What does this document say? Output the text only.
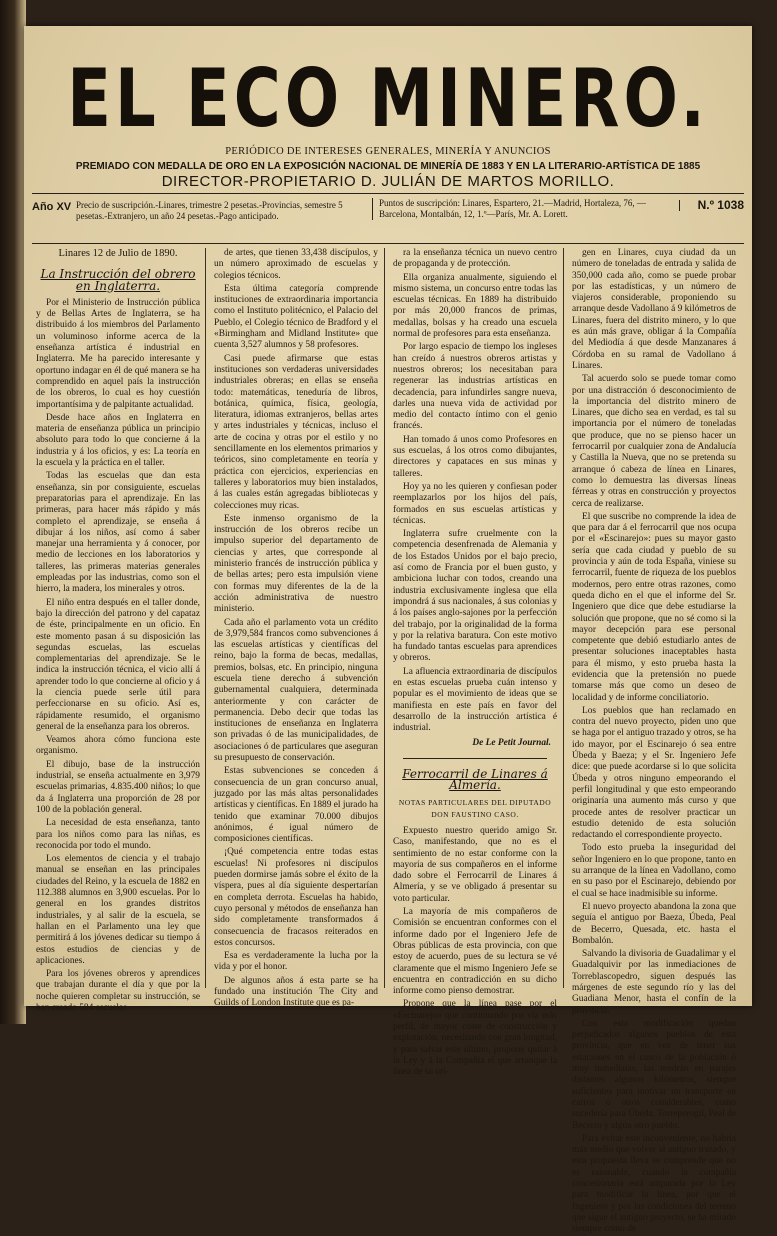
EL ECO MINERO.
PERIÓDICO DE INTERESES GENERALES, MINERÍA Y ANUNCIOS
PREMIADO CON MEDALLA DE ORO EN LA EXPOSICIÓN NACIONAL DE MINERÍA DE 1883 Y EN LA LITERARIO-ARTÍSTICA DE 1885
DIRECTOR-PROPIETARIO D. JULIÁN DE MARTOS MORILLO.
Año XV Precio de suscripción.-Linares, trimestre 2 pesetas.-Provincias, semestre 5 pesetas.-Extranjero, un año 24 pesetas.-Pago anticipado.
Puntos de suscripción: Linares, Espartero, 21.—Madrid, Hortaleza, 76, —Barcelona, Montalbán, 12, 1.º—París, Mr. A. Lorett.
N.º 1038

Linares 12 de Julio de 1890.

La Instrucción del obrero en Inglaterra.

Por el Ministerio de Instrucción pública y de Bellas Artes de Inglaterra, se ha distribuido á los miembros del Parlamento un voluminoso informe acerca de la enseñanza artística é industrial en Inglaterra. Me ha parecido interesante y oportuno indagar en él de qué manera se ha comprendido en aquel país la instrucción de los obreros, lo cual es hoy cuestión importantísima y de palpitante actualidad.

Desde hace años en Inglaterra en materia de enseñanza pública un principio absoluto para todo lo que concierne á la industria y á los oficios, y es: La teoría en la escuela y la práctica en el taller.

Todas las escuelas que dan esta enseñanza, sin por consiguiente, escuelas preparatorias para el aprendizaje. En las primeras, para hacer más rápido y más completo el aprendizaje, se enseña á dibujar á los niños, así como á saber manejar una herramienta y á conocer, por medio de lecciones en los laboratorios y talleres, las primeras materias generales empleadas por las industrias, como son el hierro, la madera, los minerales y otros.

El niño entra después en el taller donde, bajo la dirección del patrono y del capataz de éste, principalmente en un oficio. En este momento pasan á su disposición las segundas escuelas, las escuelas complementarias del aprendizaje. Se le indica la instrucción técnica, el vicio allí á aprender todo lo que concierne al oficio y á la ciencia puede serle útil para perfeccionarse en su oficio. Así es, rápidamente resumido, el organismo general de la enseñanza para los obreros.

Veamos ahora cómo funciona este organismo.

El dibujo, base de la instrucción industrial, se enseña actualmente en 3,979 escuelas primarias, 4.835.400 niños; lo que da á Inglaterra una proporción de 28 por 100 de la población general.

La necesidad de esta enseñanza, tanto para los niños como para las niñas, es reconocida por todo el mundo.

Los elementos de ciencia y el trabajo manual se enseñan en las principales ciudades del Reino, y la escuela de 1882 en 112.388 alumnos en 3,900 escuelas. Por lo general en los grandes distritos industriales, y al salir de la escuela, se hallan en el Parlamento una ley que permitirá á los jóvenes dedicar su tiempo á estos estudios de ciencias y de aplicaciones.

Para los jóvenes obreros y aprendices que trabajan durante el día y que por la noche quieren completar su instrucción, se han creado 584 escuelas

de artes, que tienen 33,438 discípulos, y un número aproximado de escuelas y colegios técnicos.

Esta última categoría comprende instituciones de extraordinaria importancia como el Instituto politécnico, el Palacio del Pueblo, el Colegio técnico de Bradford y el «Birmingham and Midland Institute» que cuenta 3,527 alumnos y 58 profesores.

Casi puede afirmarse que estas instituciones son verdaderas universidades industriales obreras; en ellas se enseña todo: matemáticas, teneduría de libros, botánica, química, física, geología, literatura, idiomas extranjeros, bellas artes y artes industriales y técnicas, incluso el arte de cocina y otras por el estilo y no sencillamente en los elementos primarios y teóricos, sino completamente en teoría y práctica con ejercicios, experiencias en talleres y laboratorios muy bien instalados, á las cuales están agregadas bibliotecas y colecciones muy ricas.

Este inmenso organismo de la instrucción de los obreros recibe un impulso superior del departamento de ciencias y artes, que corresponde al ministerio francés de instrucción pública y de bellas artes; pero esta impulsión viene con formas muy diferentes de la de la acción administrativa de nuestro ministerio.

Cada año el parlamento vota un crédito de 3,979,584 francos como subvenciones á las escuelas artísticas y científicas del reino, bajo la forma de becas, medallas, premios, bolsas, etc. En principio, ninguna escuela tiene derecho á subvención gubernamental cualquiera, determinada anteriormente y con carácter de permanencia. Debo decir que todas las instituciones de enseñanza en Inglaterra son privadas ó de las municipalidades, de asociaciones ó de particulares que aseguran su presupuesto de conservación.

Estas subvenciones se conceden á consecuencia de un gran concurso anual, juzgado por las más altas personalidades artísticas y científicas. En 1889 el jurado ha tenido que examinar 70.000 dibujos anónimos, é igual número de composiciones científicas.

¡Qué competencia entre todas estas escuelas! Ni profesores ni discípulos pueden dormirse jamás sobre el éxito de la víspera, pues al día siguiente despertarían en completa derrota. Escuelas ha habido, cuyo personal y métodos de enseñanza han sido completamente transformados á consecuencia de fracasos reiterados en estos concursos.

Esa es verdaderamente la lucha por la vida y por el honor.

De algunos años á esta parte se ha fundado una institución The City and Guilds of London Institute que es pa-

ra la enseñanza técnica un nuevo centro de propaganda y de protección.

Ella organiza anualmente, siguiendo el mismo sistema, un concurso entre todas las escuelas técnicas. En 1889 ha distribuido por más 20,000 francos de primas, medallas, bolsas y ha creado una escuela normal de profesores para esta enseñanza.

Por largo espacio de tiempo los ingleses han creído á nuestros obreros artistas y nuestros obreros; los necesitaban para regenerar las industrias artísticas en decadencia, para infundirles sangre nueva, darles una nueva vida de actividad por medio del contacto íntimo con el genio francés.

Han tomado á unos como Profesores en sus escuelas, á los otros como dibujantes, directores y capataces en sus minas y talleres.

Hoy ya no les quieren y confiesan poder reemplazarlos por los hijos del país, formados en sus escuelas artísticas y técnicas.

Inglaterra sufre cruelmente con la competencia desenfrenada de Alemania y de los Estados Unidos por el bajo precio, así como de Francia por el buen gusto, y ambiciona luchar con todos, creando una industria exclusivamente inglesa que ella impondrá á sus nacionales, á sus colonias y á los países anglo-sajones por la perfección del trabajo, por la originalidad de la forma y por la relativa baratura. Con este motivo ha fundado tantas escuelas para aprendices y obreros.

La afluencia extraordinaria de discípulos en estas escuelas prueba cuán intenso y popular es el movimiento de ideas que se manifiesta en este país en favor del desarrollo de la instrucción artística é industrial.

De Le Petit Journal.

Ferrocarril de Linares á Almería.

NOTAS PARTICULARES DEL DIPUTADO DON FAUSTINO CASO.

Expuesto nuestro querido amigo Sr. Caso, manifestando, que no es el sentimiento de no estar conforme con la mayoría de sus compañeros en el informe dado sobre el Ferrocarril de Linares á Almería, y se ve obligado á presentar su voto particular.

La mayoría de mis compañeros de Comisión se encuentran conformes con el informe dado por el Ingeniero Jefe de Obras públicas de esta provincia, con que estoy de acuerdo, pues de su lectura se vé claramente que el mismo Ingeniero Jefe se encuentra en contradicción en su dicho informe como pienso demostrar.

Propone que la línea pase por el «Escinarejo» que continuando por vía más perfil, de mayor coste de construcción y explotación, necesitando con gran longitud, y para salvar este último, propone quitar á la Ley y á la Compañía el que arranque la línea de su ori-

gen en Linares, cuya ciudad da un número de toneladas de entrada y salida de 350,000 cada año, como se puede probar por las estadísticas, y un número de viajeros considerable, proponiendo su arranque desde Vadollano á 9 kilómetros de Linares, fuera del distrito minero, y lo que es aún más grave, obligar á la Compañía del Mediodía á que desde Manzanares á Córdoba en su ramal de Vadollano á Linares.

Tal acuerdo solo se puede tomar como por una distracción ó desconocimiento de la importancia del distrito minero de Linares, que dicho sea en verdad, es tal su importancia por el número de toneladas que produce, que no se pienso hacer un ferrocarril por cualquier zona de Andalucía y Castilla la Nueva, que no se pretenda su arranque ó cabeza de línea en Linares, como lo demuestra las diversas líneas férreas y otras en construcción y proyectos cerca de realizarse.

El que suscribe no comprende la idea de que para dar á el ferrocarril que nos ocupa por el «Escinarejo»: pues su mayor gasto sería que cada ciudad y pueblo de su provincia y aún de toda España, viniese su ferrocarril, fuente de riqueza de los pueblos modernos, pero entre otras razones, como queda dicho en el que el informe del Sr. Ingeniero que dice que debe estudiarse la solución que propone, que no sé como si la mayor decepción para ese personal competente que debió estudiarlo antes de presentar soluciones inaceptables hasta para él mismo, y esto prueba hasta la evidencia que la pretensión no puede tomarse más que como un deseo de localidad y de informe conciliatorio.

Los pueblos que han reclamado en contra del nuevo proyecto, piden uno que se haga por el antiguo trazado y otros, se ha ido mayor, por el Escinarejo ó sea entre Úbeda y Baeza; y el Sr. Ingeniero Jefe dice: que puede acordarse si lo que solicita Úbeda y otros ninguno empeorando el perfil longitudinal y que esto empeorando originaría una aumento más curso y que procede antes de resolver practicar un estudio detenido de esta solución redactando el correspondiente proyecto.

Todo esto prueba la inseguridad del señor Ingeniero en lo que propone, tanto en su arranque de la línea en Vadollano, como en su paso por el Escinarejo, debiendo por el cual se hace inadmisible su informe.

El nuevo proyecto abandona la zona que seguía el antiguo por Baeza, Úbeda, Peal de Becerro, Quesada, etc. hasta el Bombalón.

Salvando la divisoria de Guadalimar y el Guadalquivir por las inmediaciones de Torreblascopedro, siguen después las márgenes de este segundo río y las del Guadiana Menor, hasta el confín de la provincia.

Con esta modificación quedan perjudicados algunos pueblos de esta provincia, que en vez de tener sus estaciones en el casco de la población ó muy inmediatas, las tendrán en parajes distantes algunos kilómetros, siempre suficientes para motivar un transporte en carros ó otros considerables, como sucedería para Úbeda, Torreperogil, Peal de Becerro y algún otro pueblo.

Para evitar este inconveniente, no habría más medio que volver al antiguo trazado, y esta propuesta lleva se comprende que no es razonable, cuando la compañía concesionaria está amparada por la Ley para modificar la línea, por que el Ingeniero y por las condiciones del terreno que sigue el antiguo proyecto, se ha mirado siempre como de
